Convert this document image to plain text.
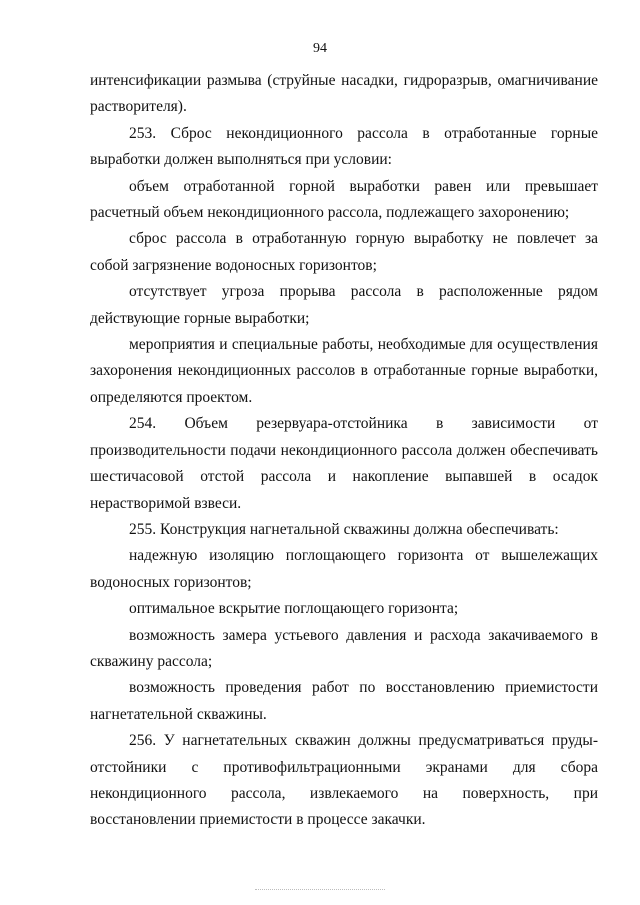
94

интенсификации размыва (струйные насадки, гидроразрыв, омагничивание растворителя).

253. Сброс некондиционного рассола в отработанные горные выработки должен выполняться при условии:

объем отработанной горной выработки равен или превышает расчетный объем некондиционного рассола, подлежащего захоронению;

сброс рассола в отработанную горную выработку не повлечет за собой загрязнение водоносных горизонтов;

отсутствует угроза прорыва рассола в расположенные рядом действующие горные выработки;

мероприятия и специальные работы, необходимые для осуществления захоронения некондиционных рассолов в отработанные горные выработки, определяются проектом.

254. Объем резервуара-отстойника в зависимости от производительности подачи некондиционного рассола должен обеспечивать шестичасовой отстой рассола и накопление выпавшей в осадок нерастворимой взвеси.

255. Конструкция нагнетальной скважины должна обеспечивать:

надежную изоляцию поглощающего горизонта от вышележащих водоносных горизонтов;

оптимальное вскрытие поглощающего горизонта;

возможность замера устьевого давления и расхода закачиваемого в скважину рассола;

возможность проведения работ по восстановлению приемистости нагнетательной скважины.

256. У нагнетательных скважин должны предусматриваться пруды-отстойники с противофильтрационными экранами для сбора некондиционного рассола, извлекаемого на поверхность, при восстановлении приемистости в процессе закачки.
